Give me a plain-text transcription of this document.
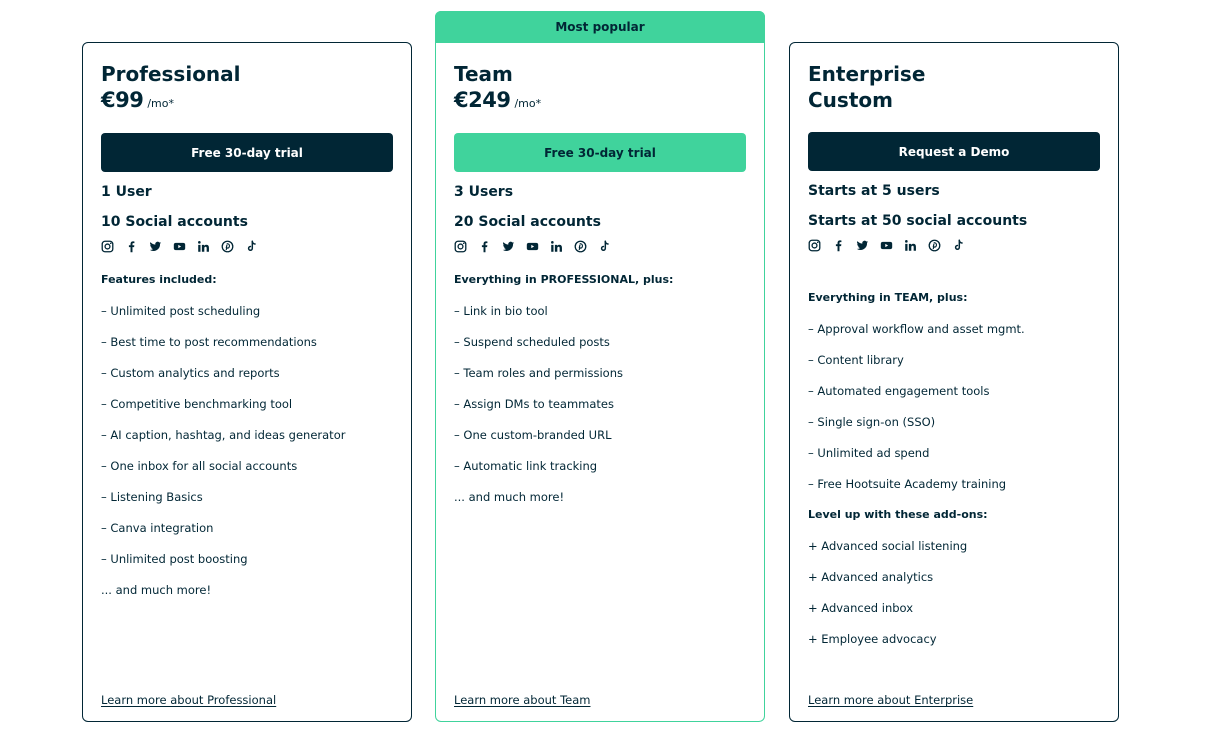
Professional
€99 /mo*
Free 30-day trial
1 User
10 Social accounts
Features included:
– Unlimited post scheduling
– Best time to post recommendations
– Custom analytics and reports
– Competitive benchmarking tool
– AI caption, hashtag, and ideas generator
– One inbox for all social accounts
– Listening Basics
– Canva integration
– Unlimited post boosting
... and much more!
Learn more about Professional
Most popular
Team
€249 /mo*
Free 30-day trial
3 Users
20 Social accounts
Everything in PROFESSIONAL, plus:
– Link in bio tool
– Suspend scheduled posts
– Team roles and permissions
– Assign DMs to teammates
– One custom-branded URL
– Automatic link tracking
... and much more!
Learn more about Team
Enterprise
Custom
Request a Demo
Starts at 5 users
Starts at 50 social accounts
Everything in TEAM, plus:
– Approval workflow and asset mgmt.
– Content library
– Automated engagement tools
– Single sign-on (SSO)
– Unlimited ad spend
– Free Hootsuite Academy training
Level up with these add-ons:
+ Advanced social listening
+ Advanced analytics
+ Advanced inbox
+ Employee advocacy
Learn more about Enterprise
